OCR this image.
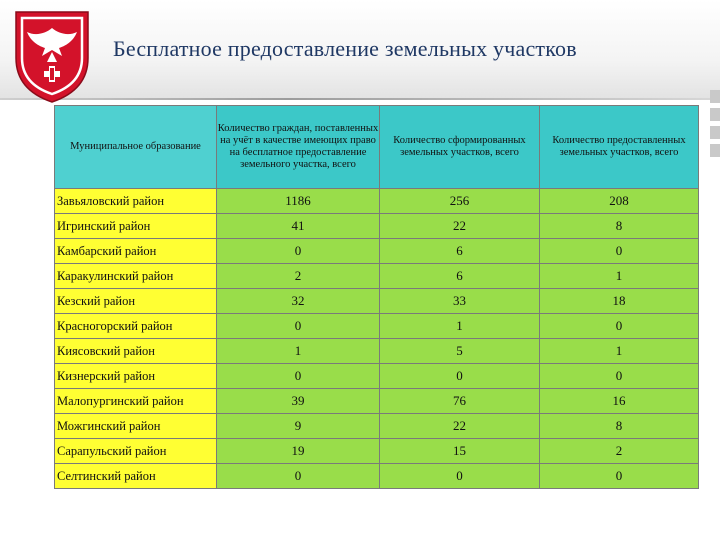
Бесплатное предоставление земельных участков
Муниципальное образование	Количество граждан, поставленных на учёт в качестве имеющих право на бесплатное предоставление земельного участка, всего	Количество сформированных земельных участков, всего	Количество предоставленных земельных участков, всего
Завьяловский район	1186	256	208
Игринский район	41	22	8
Камбарский район	0	6	0
Каракулинский район	2	6	1
Кезский район	32	33	18
Красногорский район	0	1	0
Киясовский район	1	5	1
Кизнерский район	0	0	0
Малопургинский район	39	76	16
Можгинский район	9	22	8
Сарапульский район	19	15	2
Селтинский район	0	0	0
